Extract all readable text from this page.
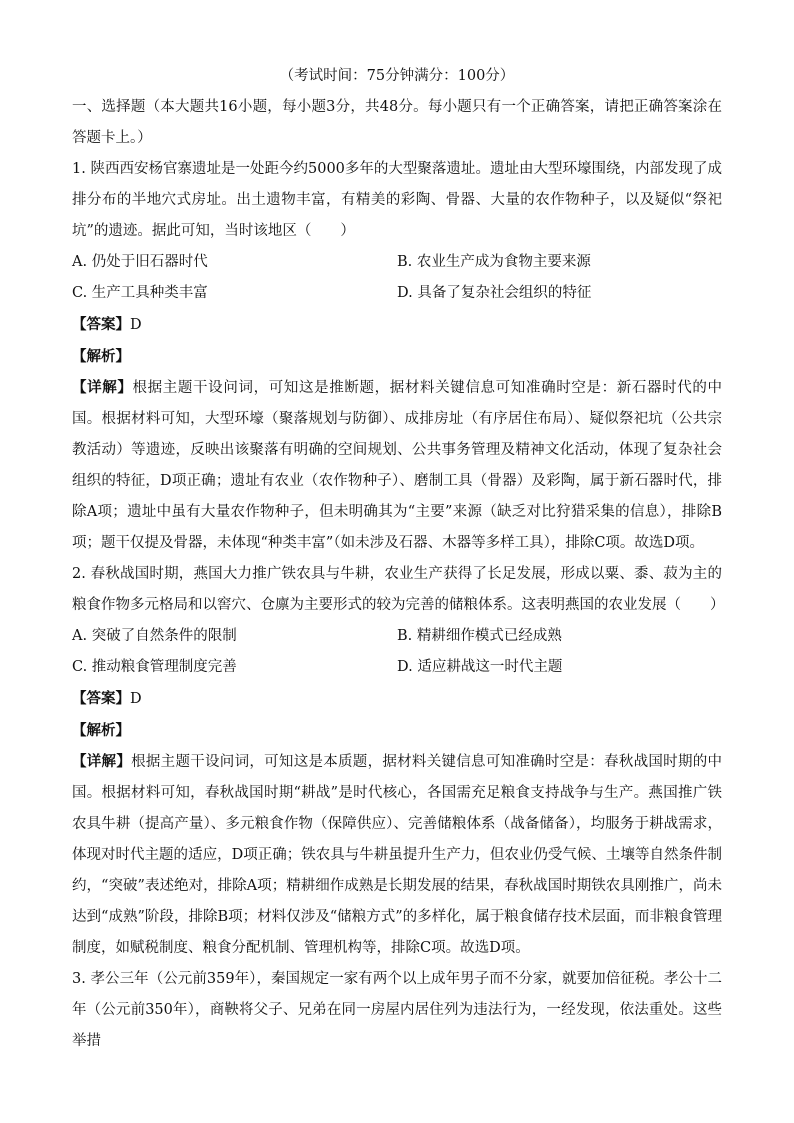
（考试时间：75分钟满分：100分）

一、选择题（本大题共16小题，每小题3分，共48分。每小题只有一个正确答案，请把正确答案涂在答题卡上。）

1. 陕西西安杨官寨遗址是一处距今约5000多年的大型聚落遗址。遗址由大型环壕围绕，内部发现了成排分布的半地穴式房址。出土遗物丰富，有精美的彩陶、骨器、大量的农作物种子，以及疑似“祭祀坑”的遗迹。据此可知，当时该地区（　　）

A. 仍处于旧石器时代	B. 农业生产成为食物主要来源
C. 生产工具种类丰富	D. 具备了复杂社会组织的特征
【答案】D
【解析】

【详解】根据主题干设问词，可知这是推断题，据材料关键信息可知准确时空是：新石器时代的中国。根据材料可知，大型环壕（聚落规划与防御）、成排房址（有序居住布局）、疑似祭祀坑（公共宗教活动）等遗迹，反映出该聚落有明确的空间规划、公共事务管理及精神文化活动，体现了复杂社会组织的特征，D项正确；遗址有农业（农作物种子）、磨制工具（骨器）及彩陶，属于新石器时代，排除A项；遗址中虽有大量农作物种子，但未明确其为“主要”来源（缺乏对比狩猎采集的信息），排除B项；题干仅提及骨器，未体现“种类丰富”（如未涉及石器、木器等多样工具），排除C项。故选D项。

2. 春秋战国时期，燕国大力推广铁农具与牛耕，农业生产获得了长足发展，形成以粟、黍、菽为主的粮食作物多元格局和以窖穴、仓廪为主要形式的较为完善的储粮体系。这表明燕国的农业发展（　　）

A. 突破了自然条件的限制	B. 精耕细作模式已经成熟
C. 推动粮食管理制度完善	D. 适应耕战这一时代主题
【答案】D
【解析】

【详解】根据主题干设问词，可知这是本质题，据材料关键信息可知准确时空是：春秋战国时期的中国。根据材料可知，春秋战国时期“耕战”是时代核心，各国需充足粮食支持战争与生产。燕国推广铁农具牛耕（提高产量）、多元粮食作物（保障供应）、完善储粮体系（战备储备），均服务于耕战需求，体现对时代主题的适应，D项正确；铁农具与牛耕虽提升生产力，但农业仍受气候、土壤等自然条件制约，“突破”表述绝对，排除A项；精耕细作成熟是长期发展的结果，春秋战国时期铁农具刚推广，尚未达到“成熟”阶段，排除B项；材料仅涉及“储粮方式”的多样化，属于粮食储存技术层面，而非粮食管理制度，如赋税制度、粮食分配机制、管理机构等，排除C项。故选D项。

3. 孝公三年（公元前359年），秦国规定一家有两个以上成年男子而不分家，就要加倍征税。孝公十二年（公元前350年），商鞅将父子、兄弟在同一房屋内居住列为违法行为，一经发现，依法重处。这些举措
